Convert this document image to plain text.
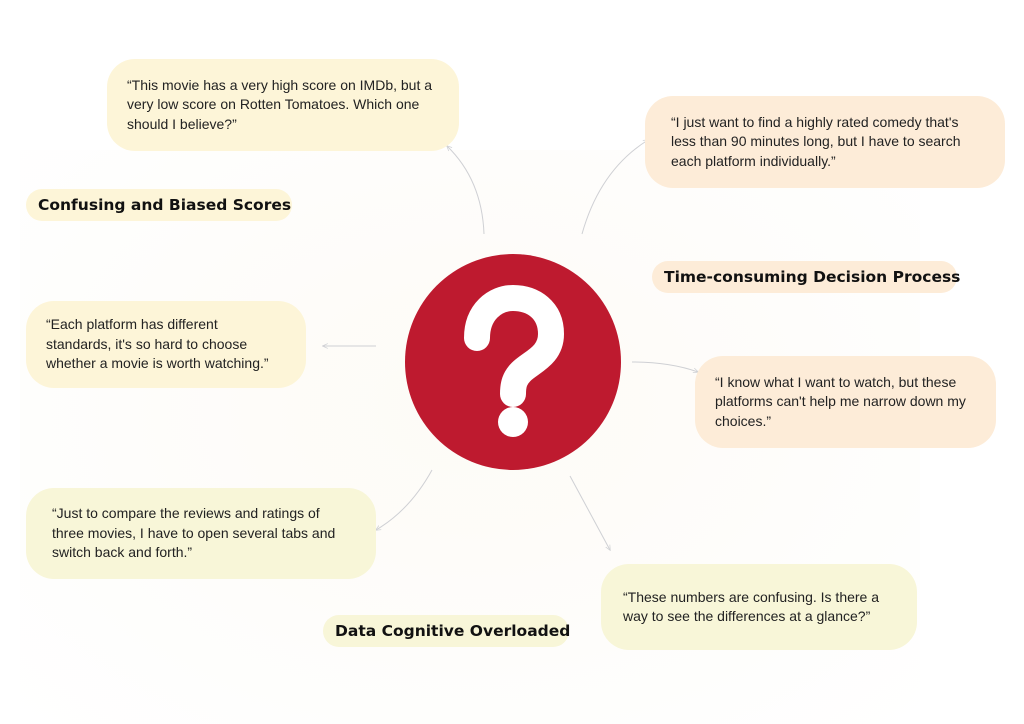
“This movie has a very high score on IMDb, but a very low score on Rotten Tomatoes. Which one should I believe?”	“I just want to find a highly rated comedy that's less than 90 minutes long, but I have to search each platform individually.”
“Each platform has different standards, it's so hard to choose whether a movie is worth watching.”
“I know what I want to watch, but these platforms can't help me narrow down my choices.”
“Just to compare the reviews and ratings of three movies, I have to open several tabs and switch back and forth.”
“These numbers are confusing. Is there a way to see the differences at a glance?”
Confusing and Biased Scores
Time-consuming Decision Process
Data Cognitive Overloaded
